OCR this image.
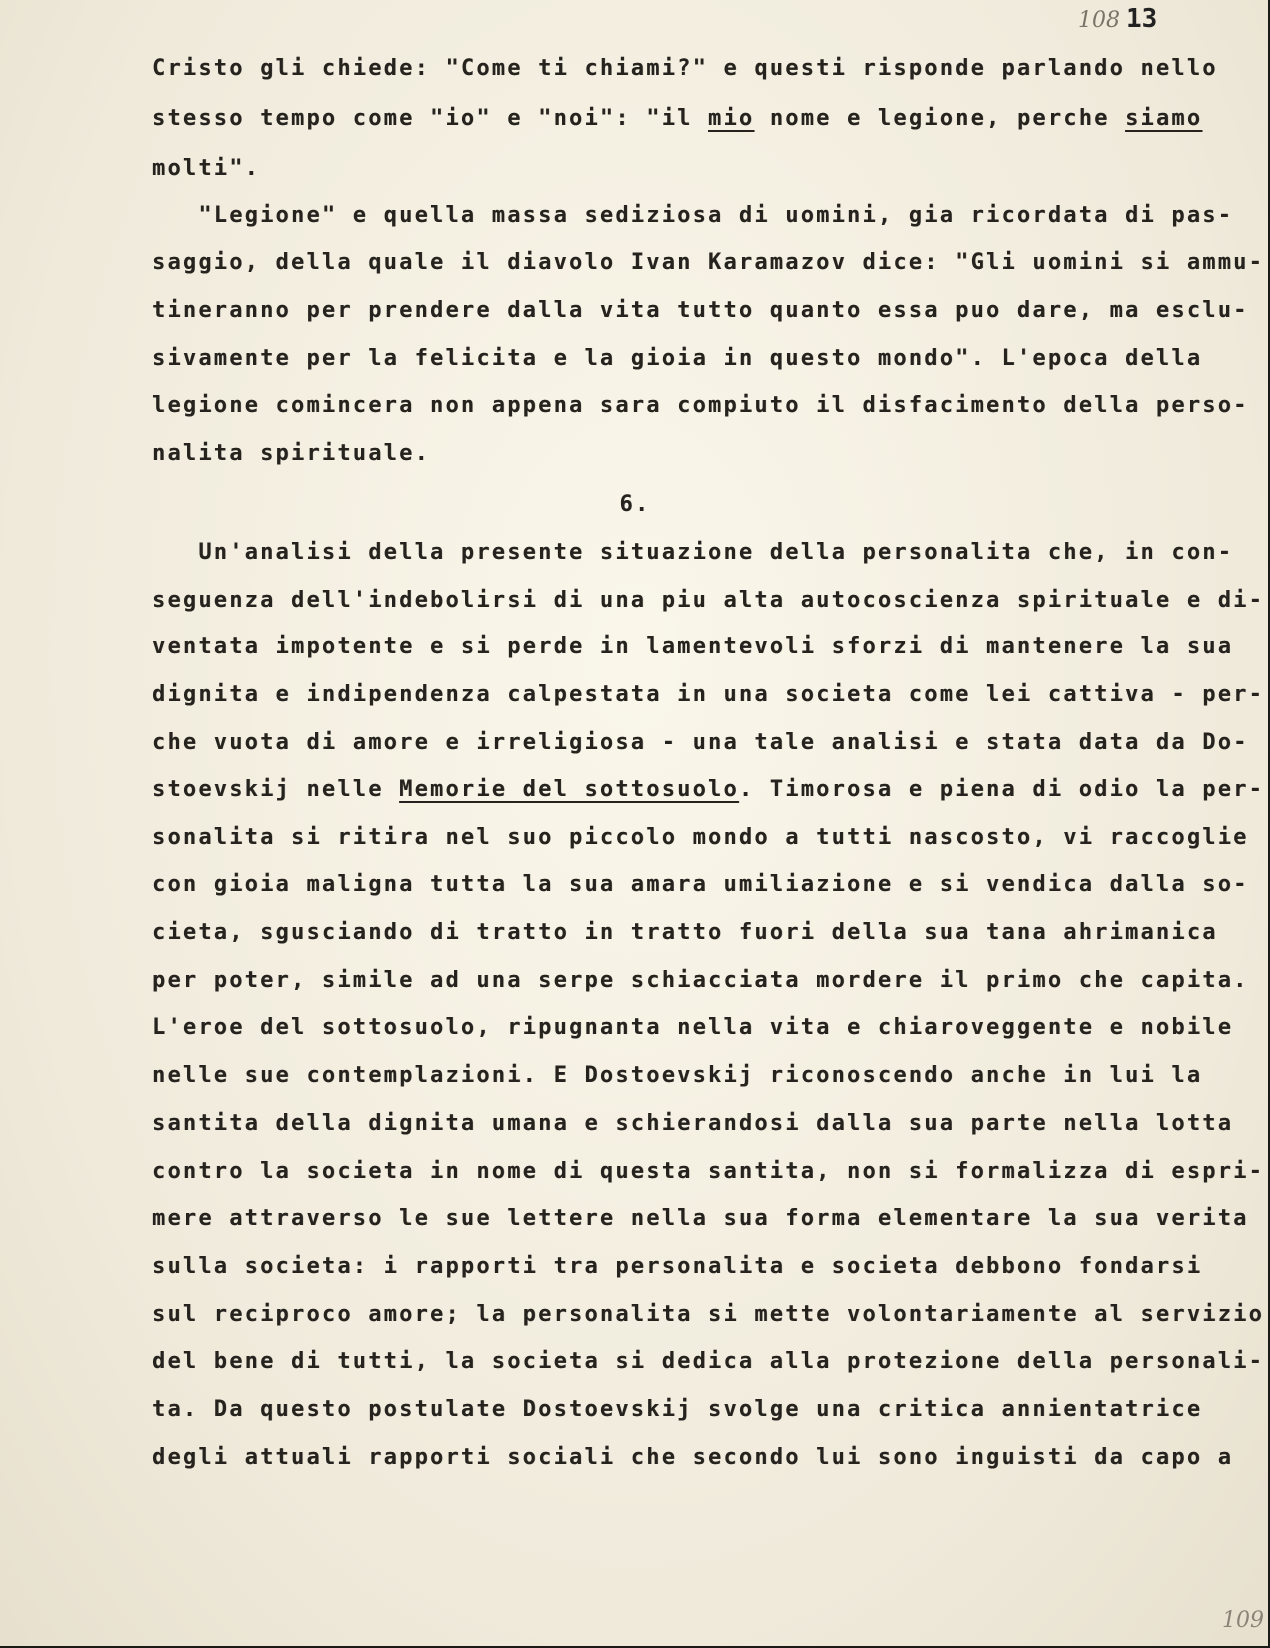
108 13
Cristo gli chiede: "Come ti chiami?" e questi risponde parlando nello
stesso tempo come "io" e "noi": "il mio nome e legione, perche siamo
molti".
"Legione" e quella massa sediziosa di uomini, gia ricordata di pas-
saggio, della quale il diavolo Ivan Karamazov dice: "Gli uomini si ammu-
tineranno per prendere dalla vita tutto quanto essa puo dare, ma esclu-
sivamente per la felicita e la gioia in questo mondo". L'epoca della
legione comincera non appena sara compiuto il disfacimento della perso-
nalita spirituale.
6.
Un'analisi della presente situazione della personalita che, in con-
seguenza dell'indebolirsi di una piu alta autocoscienza spirituale e di-
ventata impotente e si perde in lamentevoli sforzi di mantenere la sua
dignita e indipendenza calpestata in una societa come lei cattiva - per-
che vuota di amore e irreligiosa - una tale analisi e stata data da Do-
stoevskij nelle Memorie del sottosuolo. Timorosa e piena di odio la per-
sonalita si ritira nel suo piccolo mondo a tutti nascosto, vi raccoglie
con gioia maligna tutta la sua amara umiliazione e si vendica dalla so-
cieta, sgusciando di tratto in tratto fuori della sua tana ahrimanica
per poter, simile ad una serpe schiacciata mordere il primo che capita.
L'eroe del sottosuolo, ripugnanta nella vita e chiaroveggente e nobile
nelle sue contemplazioni. E Dostoevskij riconoscendo anche in lui la
santita della dignita umana e schierandosi dalla sua parte nella lotta
contro la societa in nome di questa santita, non si formalizza di espri-
mere attraverso le sue lettere nella sua forma elementare la sua verita
sulla societa: i rapporti tra personalita e societa debbono fondarsi
sul reciproco amore; la personalita si mette volontariamente al servizio
del bene di tutti, la societa si dedica alla protezione della personali-
ta. Da questo postulate Dostoevskij svolge una critica annientatrice
degli attuali rapporti sociali che secondo lui sono inguisti da capo a
109
